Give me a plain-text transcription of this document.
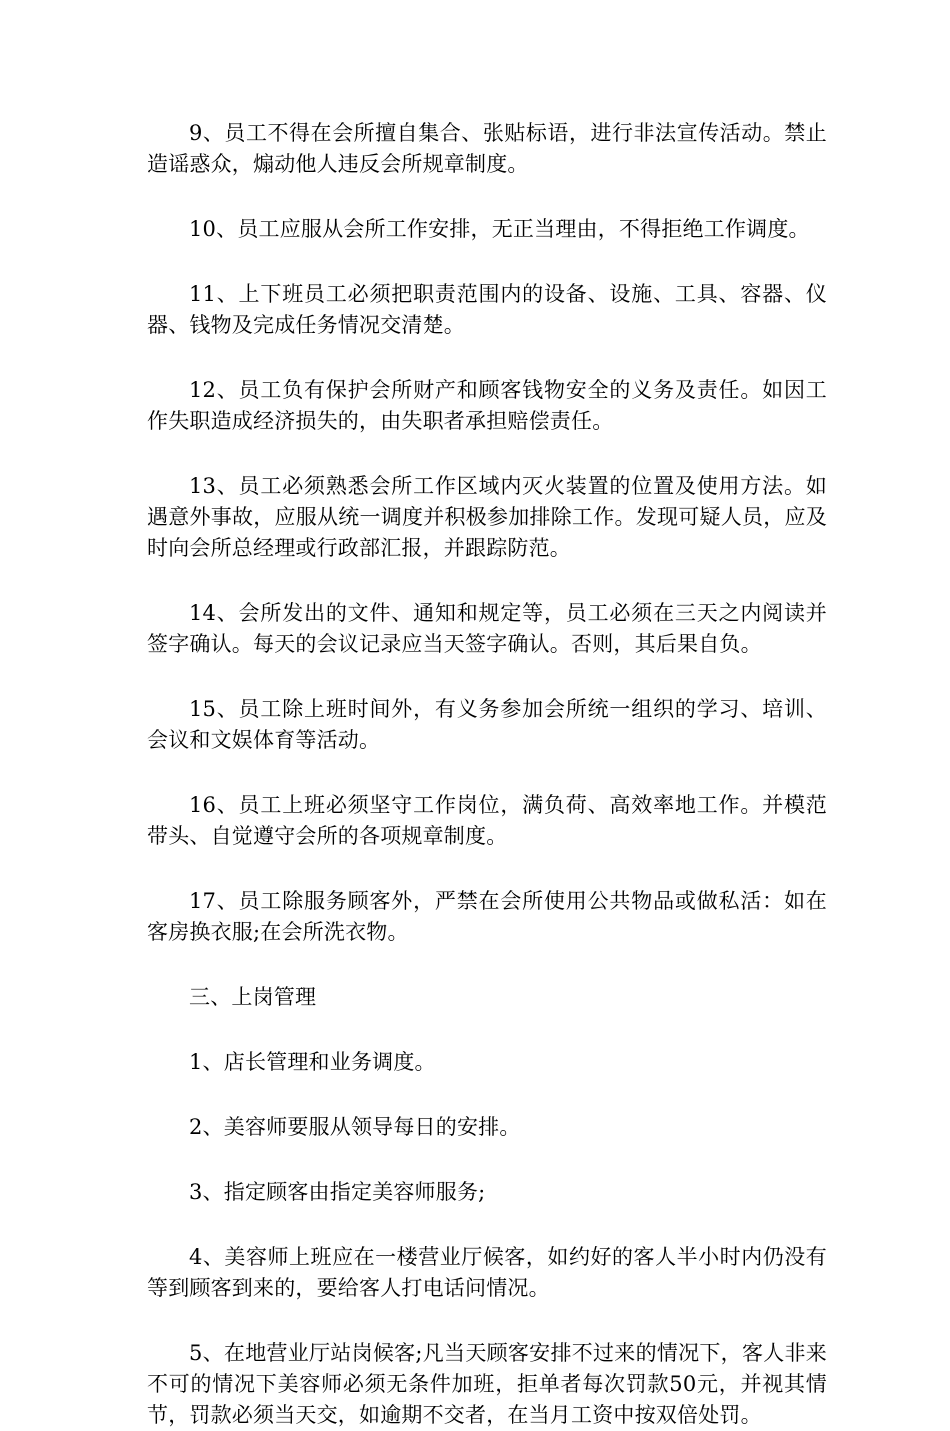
9、员工不得在会所擅自集合、张贴标语，进行非法宣传活动。禁止造谣惑众，煽动他人违反会所规章制度。

10、员工应服从会所工作安排，无正当理由，不得拒绝工作调度。

11、上下班员工必须把职责范围内的设备、设施、工具、容器、仪器、钱物及完成任务情况交清楚。

12、员工负有保护会所财产和顾客钱物安全的义务及责任。如因工作失职造成经济损失的，由失职者承担赔偿责任。

13、员工必须熟悉会所工作区域内灭火装置的位置及使用方法。如遇意外事故，应服从统一调度并积极参加排除工作。发现可疑人员，应及时向会所总经理或行政部汇报，并跟踪防范。

14、会所发出的文件、通知和规定等，员工必须在三天之内阅读并签字确认。每天的会议记录应当天签字确认。否则，其后果自负。

15、员工除上班时间外，有义务参加会所统一组织的学习、培训、会议和文娱体育等活动。

16、员工上班必须坚守工作岗位，满负荷、高效率地工作。并模范带头、自觉遵守会所的各项规章制度。

17、员工除服务顾客外，严禁在会所使用公共物品或做私活：如在客房换衣服;在会所洗衣物。

三、上岗管理

1、店长管理和业务调度。

2、美容师要服从领导每日的安排。

3、指定顾客由指定美容师服务;

4、美容师上班应在一楼营业厅候客，如约好的客人半小时内仍没有等到顾客到来的，要给客人打电话问情况。

5、在地营业厅站岗候客;凡当天顾客安排不过来的情况下，客人非来不可的情况下美容师必须无条件加班，拒单者每次罚款50元，并视其情节，罚款必须当天交，如逾期不交者，在当月工资中按双倍处罚。
